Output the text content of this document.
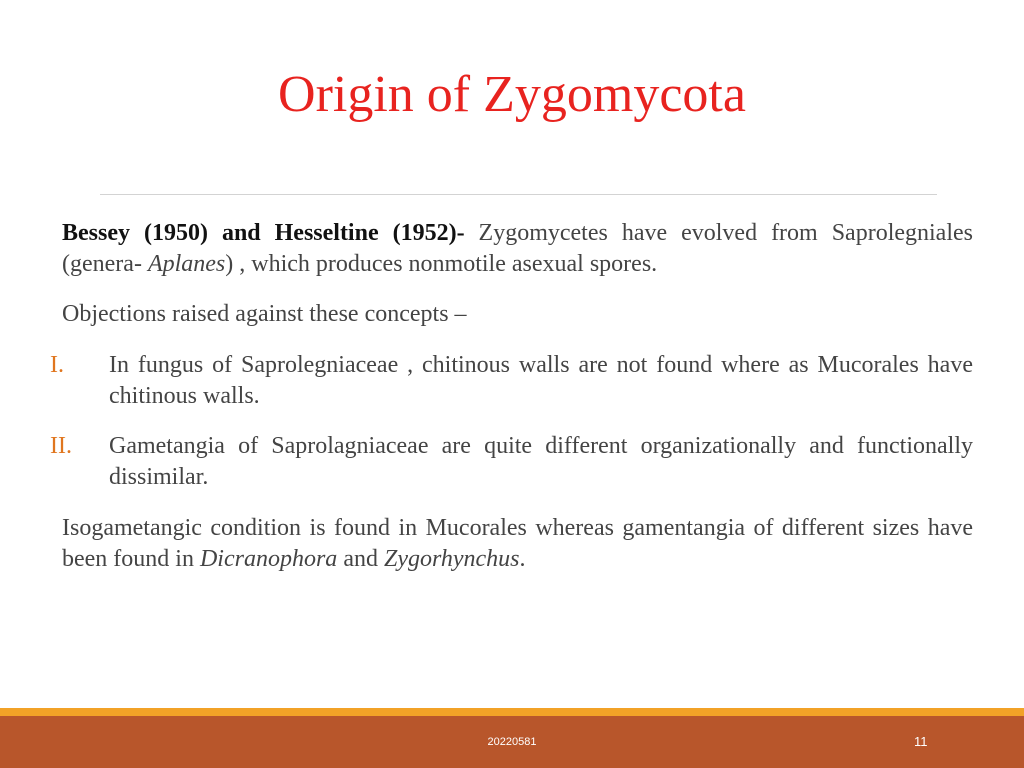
Origin of Zygomycota
Bessey (1950) and Hesseltine (1952)- Zygomycetes have evolved from Saprolegniales (genera- Aplanes) , which produces nonmotile asexual spores.
Objections raised against these concepts –
I. In fungus of Saprolegniaceae , chitinous walls are not found where as Mucorales have chitinous walls.
II. Gametangia of Saprolagniaceae are quite different organizationally and functionally dissimilar.
Isogametangic condition is found in Mucorales whereas gamentangia of different sizes have been found in Dicranophora and Zygorhynchus.
20220581	11
